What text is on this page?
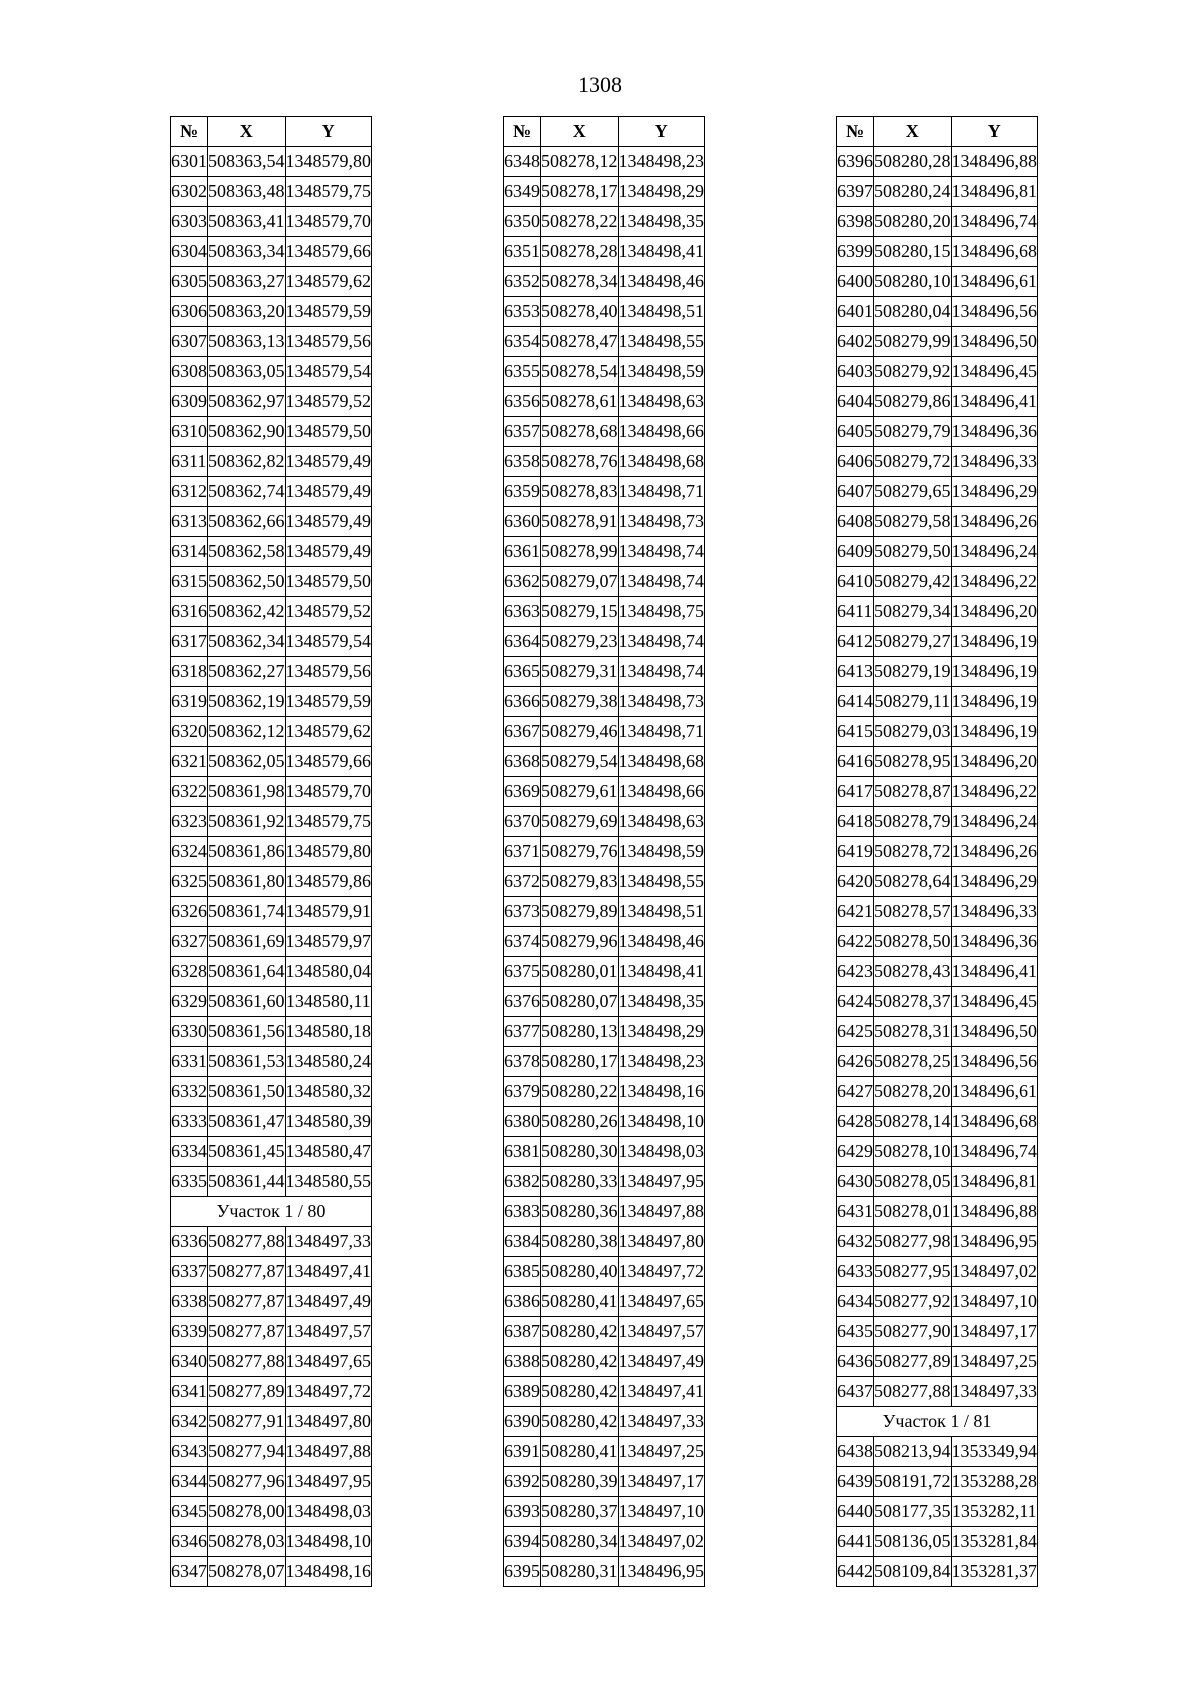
1308
№	X	Y
6301	508363,54	1348579,80
6302	508363,48	1348579,75
6303	508363,41	1348579,70
6304	508363,34	1348579,66
6305	508363,27	1348579,62
6306	508363,20	1348579,59
6307	508363,13	1348579,56
6308	508363,05	1348579,54
6309	508362,97	1348579,52
6310	508362,90	1348579,50
6311	508362,82	1348579,49
6312	508362,74	1348579,49
6313	508362,66	1348579,49
6314	508362,58	1348579,49
6315	508362,50	1348579,50
6316	508362,42	1348579,52
6317	508362,34	1348579,54
6318	508362,27	1348579,56
6319	508362,19	1348579,59
6320	508362,12	1348579,62
6321	508362,05	1348579,66
6322	508361,98	1348579,70
6323	508361,92	1348579,75
6324	508361,86	1348579,80
6325	508361,80	1348579,86
6326	508361,74	1348579,91
6327	508361,69	1348579,97
6328	508361,64	1348580,04
6329	508361,60	1348580,11
6330	508361,56	1348580,18
6331	508361,53	1348580,24
6332	508361,50	1348580,32
6333	508361,47	1348580,39
6334	508361,45	1348580,47
6335	508361,44	1348580,55
Участок 1 / 80		
6336	508277,88	1348497,33
6337	508277,87	1348497,41
6338	508277,87	1348497,49
6339	508277,87	1348497,57
6340	508277,88	1348497,65
6341	508277,89	1348497,72
6342	508277,91	1348497,80
6343	508277,94	1348497,88
6344	508277,96	1348497,95
6345	508278,00	1348498,03
6346	508278,03	1348498,10
6347	508278,07	1348498,16
№	X	Y
6348	508278,12	1348498,23
6349	508278,17	1348498,29
6350	508278,22	1348498,35
6351	508278,28	1348498,41
6352	508278,34	1348498,46
6353	508278,40	1348498,51
6354	508278,47	1348498,55
6355	508278,54	1348498,59
6356	508278,61	1348498,63
6357	508278,68	1348498,66
6358	508278,76	1348498,68
6359	508278,83	1348498,71
6360	508278,91	1348498,73
6361	508278,99	1348498,74
6362	508279,07	1348498,74
6363	508279,15	1348498,75
6364	508279,23	1348498,74
6365	508279,31	1348498,74
6366	508279,38	1348498,73
6367	508279,46	1348498,71
6368	508279,54	1348498,68
6369	508279,61	1348498,66
6370	508279,69	1348498,63
6371	508279,76	1348498,59
6372	508279,83	1348498,55
6373	508279,89	1348498,51
6374	508279,96	1348498,46
6375	508280,01	1348498,41
6376	508280,07	1348498,35
6377	508280,13	1348498,29
6378	508280,17	1348498,23
6379	508280,22	1348498,16
6380	508280,26	1348498,10
6381	508280,30	1348498,03
6382	508280,33	1348497,95
6383	508280,36	1348497,88
6384	508280,38	1348497,80
6385	508280,40	1348497,72
6386	508280,41	1348497,65
6387	508280,42	1348497,57
6388	508280,42	1348497,49
6389	508280,42	1348497,41
6390	508280,42	1348497,33
6391	508280,41	1348497,25
6392	508280,39	1348497,17
6393	508280,37	1348497,10
6394	508280,34	1348497,02
6395	508280,31	1348496,95
№	X	Y
6396	508280,28	1348496,88
6397	508280,24	1348496,81
6398	508280,20	1348496,74
6399	508280,15	1348496,68
6400	508280,10	1348496,61
6401	508280,04	1348496,56
6402	508279,99	1348496,50
6403	508279,92	1348496,45
6404	508279,86	1348496,41
6405	508279,79	1348496,36
6406	508279,72	1348496,33
6407	508279,65	1348496,29
6408	508279,58	1348496,26
6409	508279,50	1348496,24
6410	508279,42	1348496,22
6411	508279,34	1348496,20
6412	508279,27	1348496,19
6413	508279,19	1348496,19
6414	508279,11	1348496,19
6415	508279,03	1348496,19
6416	508278,95	1348496,20
6417	508278,87	1348496,22
6418	508278,79	1348496,24
6419	508278,72	1348496,26
6420	508278,64	1348496,29
6421	508278,57	1348496,33
6422	508278,50	1348496,36
6423	508278,43	1348496,41
6424	508278,37	1348496,45
6425	508278,31	1348496,50
6426	508278,25	1348496,56
6427	508278,20	1348496,61
6428	508278,14	1348496,68
6429	508278,10	1348496,74
6430	508278,05	1348496,81
6431	508278,01	1348496,88
6432	508277,98	1348496,95
6433	508277,95	1348497,02
6434	508277,92	1348497,10
6435	508277,90	1348497,17
6436	508277,89	1348497,25
6437	508277,88	1348497,33
Участок 1 / 81		
6438	508213,94	1353349,94
6439	508191,72	1353288,28
6440	508177,35	1353282,11
6441	508136,05	1353281,84
6442	508109,84	1353281,37
